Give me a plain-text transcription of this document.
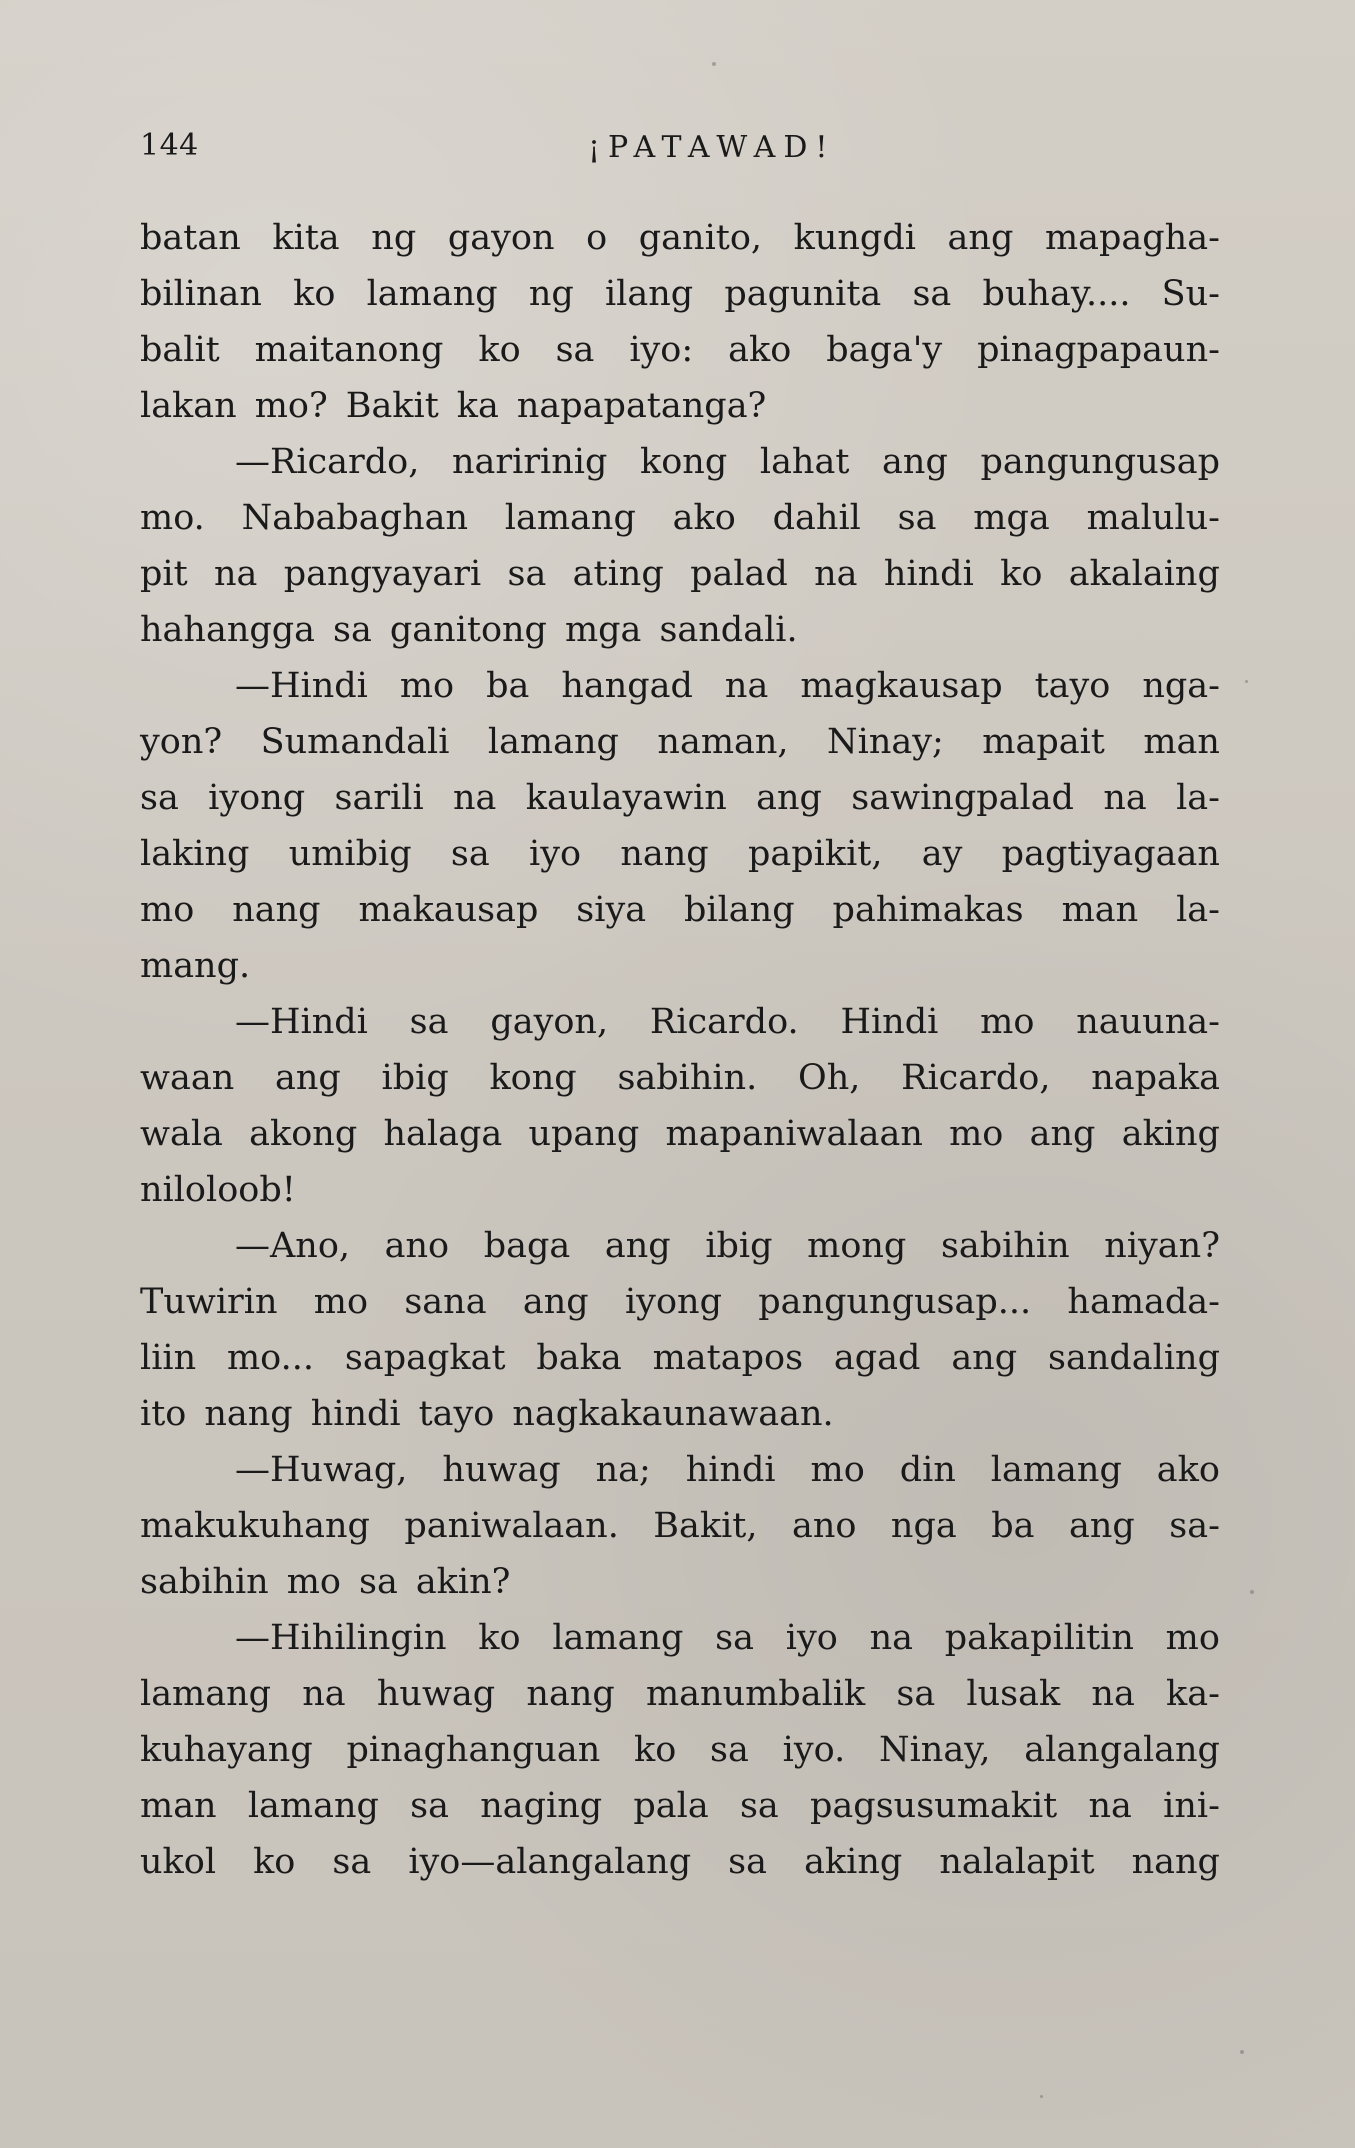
144	¡PATAWAD!
batan kita ng gayon o ganito, kungdi ang mapagha-
bilinan ko lamang ng ilang pagunita sa buhay.... Su-
balit maitanong ko sa iyo: ako baga'y pinagpapaun-
lakan mo? Bakit ka napapatanga?
—Ricardo, naririnig kong lahat ang pangungusap
mo. Nababaghan lamang ako dahil sa mga malulu-
pit na pangyayari sa ating palad na hindi ko akalaing
hahangga sa ganitong mga sandali.
—Hindi mo ba hangad na magkausap tayo nga-
yon? Sumandali lamang naman, Ninay; mapait man
sa iyong sarili na kaulayawin ang sawingpalad na la-
laking umibig sa iyo nang papikit, ay pagtiyagaan
mo nang makausap siya bilang pahimakas man la-
mang.
—Hindi sa gayon, Ricardo. Hindi mo nauuna-
waan ang ibig kong sabihin. Oh, Ricardo, napaka
wala akong halaga upang mapaniwalaan mo ang aking
niloloob!
—Ano, ano baga ang ibig mong sabihin niyan?
Tuwirin mo sana ang iyong pangungusap... hamada-
liin mo... sapagkat baka matapos agad ang sandaling
ito nang hindi tayo nagkakaunawaan.
—Huwag, huwag na; hindi mo din lamang ako
makukuhang paniwalaan. Bakit, ano nga ba ang sa-
sabihin mo sa akin?
—Hihilingin ko lamang sa iyo na pakapilitin mo
lamang na huwag nang manumbalik sa lusak na ka-
kuhayang pinaghanguan ko sa iyo. Ninay, alangalang
man lamang sa naging pala sa pagsusumakit na ini-
ukol ko sa iyo—alangalang sa aking nalalapit nang
